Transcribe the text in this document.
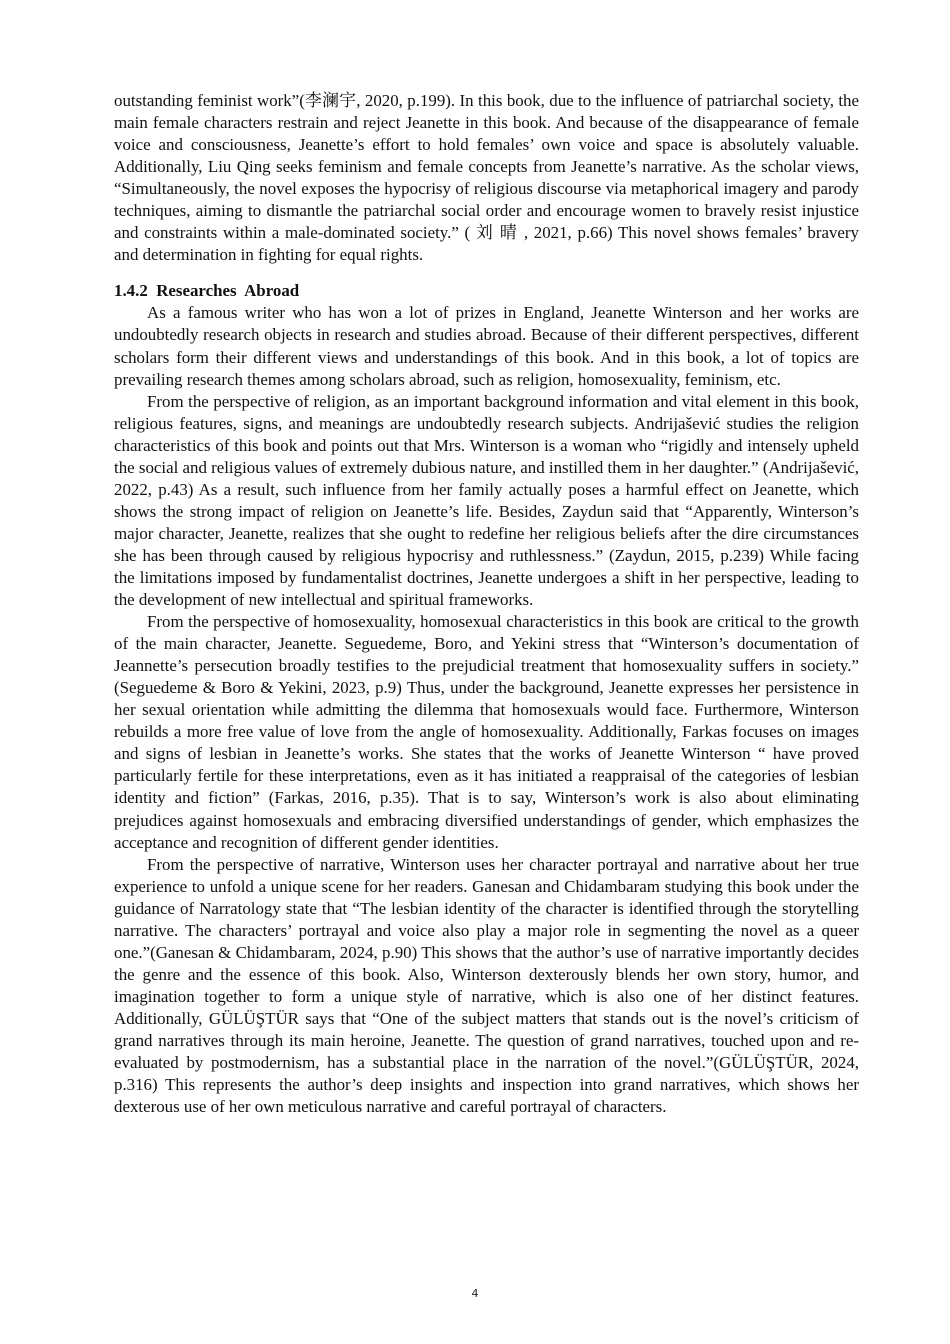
outstanding feminist work”(李澜宇, 2020, p.199). In this book, due to the influence of patriarchal society, the main female characters restrain and reject Jeanette in this book. And because of the disappearance of female voice and consciousness, Jeanette’s effort to hold females’ own voice and space is absolutely valuable. Additionally, Liu Qing seeks feminism and female concepts from Jeanette’s narrative. As the scholar views, “Simultaneously, the novel exposes the hypocrisy of religious discourse via metaphorical imagery and parody techniques, aiming to dismantle the patriarchal social order and encourage women to bravely resist injustice and constraints within a male-dominated society.” ( 刘 晴 , 2021, p.66) This novel shows females’ bravery and determination in fighting for equal rights.

1.4.2  Researches  Abroad

As a famous writer who has won a lot of prizes in England, Jeanette Winterson and her works are undoubtedly research objects in research and studies abroad. Because of their different perspectives, different scholars form their different views and understandings of this book. And in this book, a lot of topics are prevailing research themes among scholars abroad, such as religion, homosexuality, feminism, etc.

From the perspective of religion, as an important background information and vital element in this book, religious features, signs, and meanings are undoubtedly research subjects. Andrijašević studies the religion characteristics of this book and points out that Mrs. Winterson is a woman who “rigidly and intensely upheld the social and religious values of extremely dubious nature, and instilled them in her daughter.” (Andrijašević, 2022, p.43) As a result, such influence from her family actually poses a harmful effect on Jeanette, which shows the strong impact of religion on Jeanette’s life. Besides, Zaydun said that “Apparently, Winterson’s major character, Jeanette, realizes that she ought to redefine her religious beliefs after the dire circumstances she has been through caused by religious hypocrisy and ruthlessness.” (Zaydun, 2015, p.239) While facing the limitations imposed by fundamentalist doctrines, Jeanette undergoes a shift in her perspective, leading to the development of new intellectual and spiritual frameworks.

From the perspective of homosexuality, homosexual characteristics in this book are critical to the growth of the main character, Jeanette. Seguedeme, Boro, and Yekini stress that “Winterson’s documentation of Jeannette’s persecution broadly testifies to the prejudicial treatment that homosexuality suffers in society.” (Seguedeme & Boro & Yekini, 2023, p.9) Thus, under the background, Jeanette expresses her persistence in her sexual orientation while admitting the dilemma that homosexuals would face. Furthermore, Winterson rebuilds a more free value of love from the angle of homosexuality. Additionally, Farkas focuses on images and signs of lesbian in Jeanette’s works. She states that the works of Jeanette Winterson “ have proved particularly fertile for these interpretations, even as it has initiated a reappraisal of the categories of lesbian identity and fiction” (Farkas, 2016, p.35). That is to say, Winterson’s work is also about eliminating prejudices against homosexuals and embracing diversified understandings of gender, which emphasizes the acceptance and recognition of different gender identities.

From the perspective of narrative, Winterson uses her character portrayal and narrative about her true experience to unfold a unique scene for her readers. Ganesan and Chidambaram studying this book under the guidance of Narratology state that “The lesbian identity of the character is identified through the storytelling narrative. The characters’ portrayal and voice also play a major role in segmenting the novel as a queer one.”(Ganesan & Chidambaram, 2024, p.90) This shows that the author’s use of narrative importantly decides the genre and the essence of this book. Also, Winterson dexterously blends her own story, humor, and imagination together to form a unique style of narrative, which is also one of her distinct features. Additionally, GÜLÜŞTÜR says that “One of the subject matters that stands out is the novel’s criticism of grand narratives through its main heroine, Jeanette. The question of grand narratives, touched upon and re-evaluated by postmodernism, has a substantial place in the narration of the novel.”(GÜLÜŞTÜR, 2024, p.316) This represents the author’s deep insights and inspection into grand narratives, which shows her dexterous use of her own meticulous narrative and careful portrayal of characters.

4
